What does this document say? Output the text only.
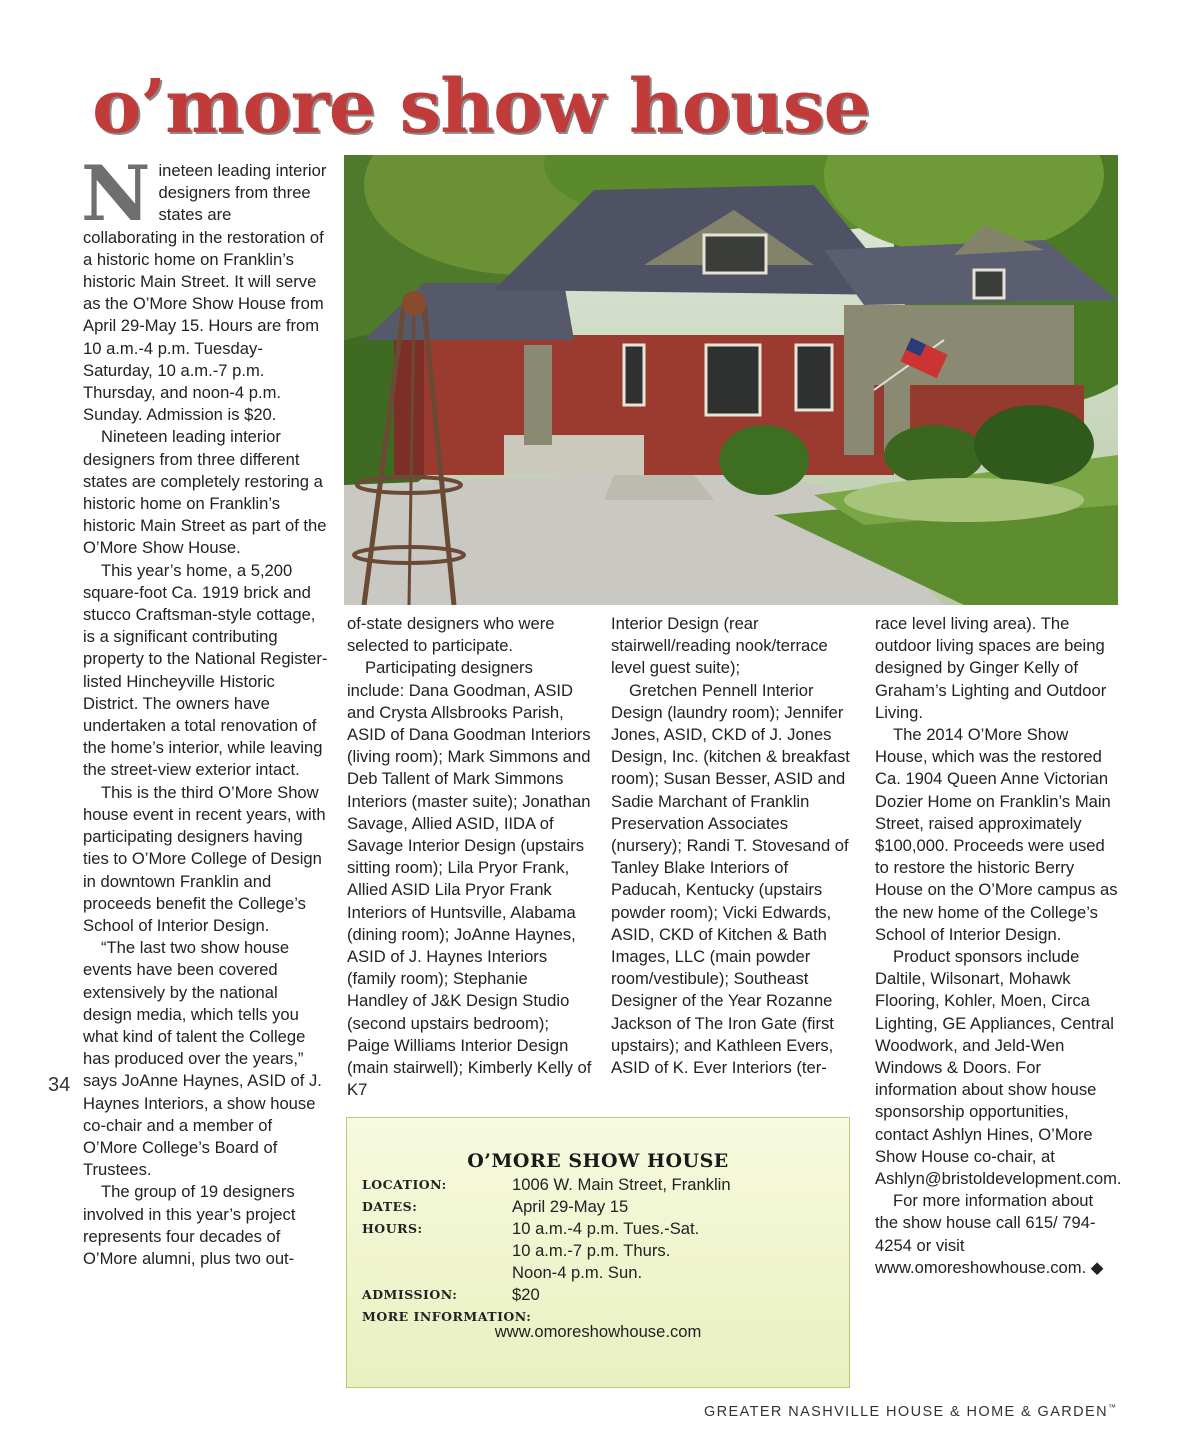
o’more show house
N ineteen leading interior designers from three states are collaborating in the restoration of a historic home on Franklin’s historic Main Street. It will serve as the O’More Show House from April 29-May 15. Hours are from 10 a.m.-4 p.m. Tuesday-Saturday, 10 a.m.-7 p.m. Thursday, and noon-4 p.m. Sunday. Admission is $20.

Nineteen leading interior designers from three different states are completely restoring a historic home on Franklin’s historic Main Street as part of the O’More Show House.

This year’s home, a 5,200 square-foot Ca. 1919 brick and stucco Craftsman-style cottage, is a significant contributing property to the National Register-listed Hincheyville Historic District. The owners have undertaken a total renovation of the home’s interior, while leaving the street-view exterior intact.

This is the third O’More Show house event in recent years, with participating designers having ties to O’More College of Design in downtown Franklin and proceeds benefit the College’s School of Interior Design.

“The last two show house events have been covered extensively by the national design media, which tells you what kind of talent the College has produced over the years,” says JoAnne Haynes, ASID of J. Haynes Interiors, a show house co-chair and a member of O’More College’s Board of Trustees.

The group of 19 designers involved in this year’s project represents four decades of O’More alumni, plus two out-

of-state designers who were selected to participate.

Participating designers include: Dana Goodman, ASID and Crysta Allsbrooks Parish, ASID of Dana Goodman Interiors (living room); Mark Simmons and Deb Tallent of Mark Simmons Interiors (master suite); Jonathan Savage, Allied ASID, IIDA of Savage Interior Design (upstairs sitting room); Lila Pryor Frank, Allied ASID Lila Pryor Frank Interiors of Huntsville, Alabama (dining room); JoAnne Haynes, ASID of J. Haynes Interiors (family room); Stephanie Handley of J&K Design Studio (second upstairs bedroom); Paige Williams Interior Design (main stairwell); Kimberly Kelly of K7

Interior Design (rear stairwell/reading nook/terrace level guest suite);

Gretchen Pennell Interior Design (laundry room); Jennifer Jones, ASID, CKD of J. Jones Design, Inc. (kitchen & breakfast room); Susan Besser, ASID and Sadie Marchant of Franklin Preservation Associates (nursery); Randi T. Stovesand of Tanley Blake Interiors of Paducah, Kentucky (upstairs powder room); Vicki Edwards, ASID, CKD of Kitchen & Bath Images, LLC (main powder room/vestibule); Southeast Designer of the Year Rozanne Jackson of The Iron Gate (first upstairs); and Kathleen Evers, ASID of K. Ever Interiors (ter-

race level living area). The outdoor living spaces are being designed by Ginger Kelly of Graham’s Lighting and Outdoor Living.

The 2014 O’More Show House, which was the restored Ca. 1904 Queen Anne Victorian Dozier Home on Franklin’s Main Street, raised approximately $100,000. Proceeds were used to restore the historic Berry House on the O’More campus as the new home of the College’s School of Interior Design.

Product sponsors include Daltile, Wilsonart, Mohawk Flooring, Kohler, Moen, Circa Lighting, GE Appliances, Central Woodwork, and Jeld-Wen Windows & Doors. For information about show house sponsorship opportunities, contact Ashlyn Hines, O’More Show House co-chair, at Ashlyn@bristoldevelopment.com.

For more information about the show house call 615/ 794-4254 or visit www.omoreshowhouse.com. ◆

34
O’MORE SHOW HOUSE
LOCATION:	1006 W. Main Street, Franklin
DATES:	April 29-May 15
HOURS:	10 a.m.-4 p.m. Tues.-Sat.
10 a.m.-7 p.m. Thurs.
Noon-4 p.m. Sun.
ADMISSION:	$20
MORE INFORMATION:
www.omoreshowhouse.com
GREATER NASHVILLE HOUSE & HOME & GARDEN™
